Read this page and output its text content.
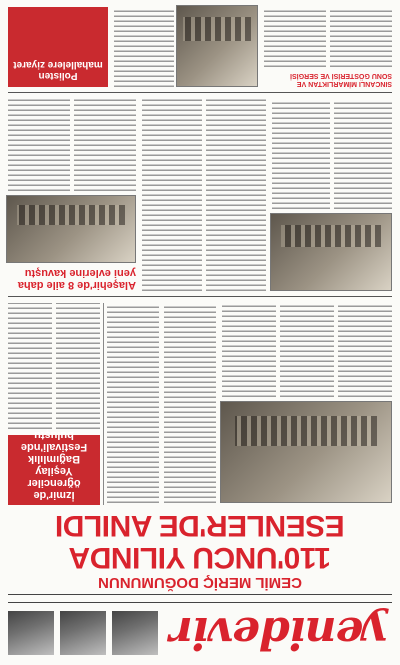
yenidevir
CEMİL MERİÇ DOĞUMUNUN
110'UNCU YILINDA
ESENLER'DE ANILDI
İzmir'de öğrenciler Yeşilay Bağımlılık Festivali'nde buluştu
Alaşehir'de 8 aile daha
yeni evlerine kavuştu
SINCANLI MİMARLIKTAN VE
SONU GÖSTERİSİ VE SERGİSİ
Polisten mahallelere ziyaret
